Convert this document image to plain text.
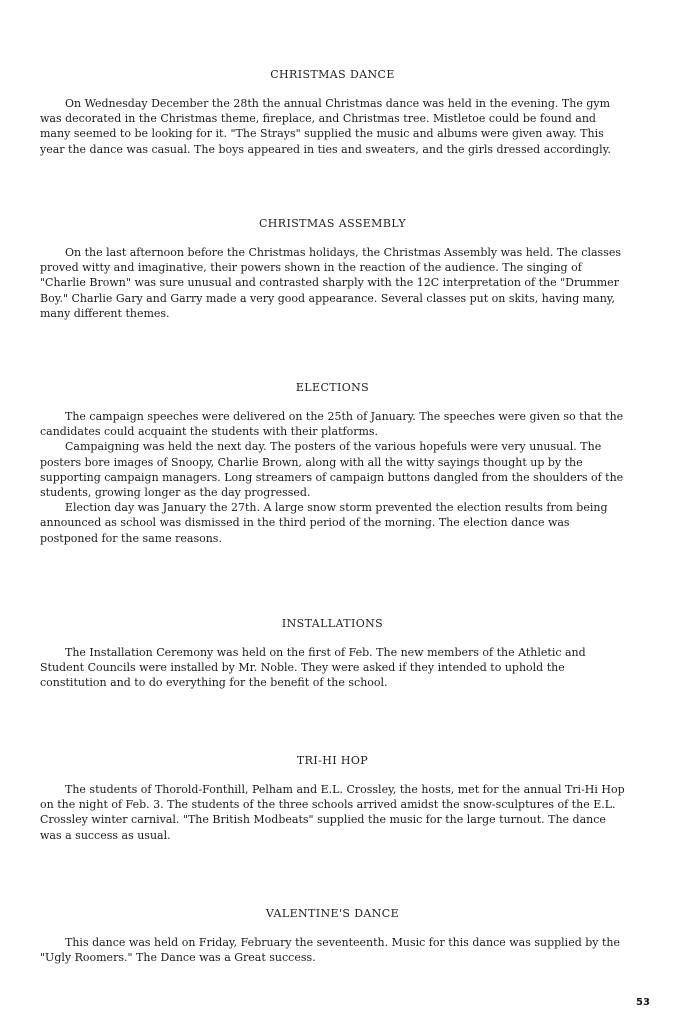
CHRISTMAS DANCE

On Wednesday December the 28th the annual Christmas dance was held in the evening. The gym was decorated in the Christmas theme, fireplace, and Christmas tree. Mistletoe could be found and many seemed to be looking for it. "The Strays" supplied the music and albums were given away. This year the dance was casual. The boys appeared in ties and sweaters, and the girls dressed accordingly.

CHRISTMAS ASSEMBLY

On the last afternoon before the Christmas holidays, the Christmas Assembly was held. The classes proved witty and imaginative, their powers shown in the reaction of the audience. The singing of "Charlie Brown" was sure unusual and contrasted sharply with the 12C interpretation of the "Drummer Boy." Charlie Gary and Garry made a very good appearance. Several classes put on skits, having many, many different themes.

ELECTIONS

The campaign speeches were delivered on the 25th of January. The speeches were given so that the candidates could acquaint the students with their platforms.

Campaigning was held the next day. The posters of the various hopefuls were very unusual. The posters bore images of Snoopy, Charlie Brown, along with all the witty sayings thought up by the supporting campaign managers. Long streamers of campaign buttons dangled from the shoulders of the students, growing longer as the day progressed.

Election day was January the 27th. A large snow storm prevented the election results from being announced as school was dismissed in the third period of the morning. The election dance was postponed for the same reasons.

INSTALLATIONS

The Installation Ceremony was held on the first of Feb. The new members of the Athletic and Student Councils were installed by Mr. Noble. They were asked if they intended to uphold the constitution and to do everything for the benefit of the school.

TRI-HI HOP

The students of Thorold-Fonthill, Pelham and E.L. Crossley, the hosts, met for the annual Tri-Hi Hop on the night of Feb. 3. The students of the three schools arrived amidst the snow-sculptures of the E.L. Crossley winter carnival. "The British Modbeats" supplied the music for the large turnout. The dance was a success as usual.

VALENTINE'S DANCE

This dance was held on Friday, February the seventeenth. Music for this dance was supplied by the "Ugly Roomers." The Dance was a Great success.

53
